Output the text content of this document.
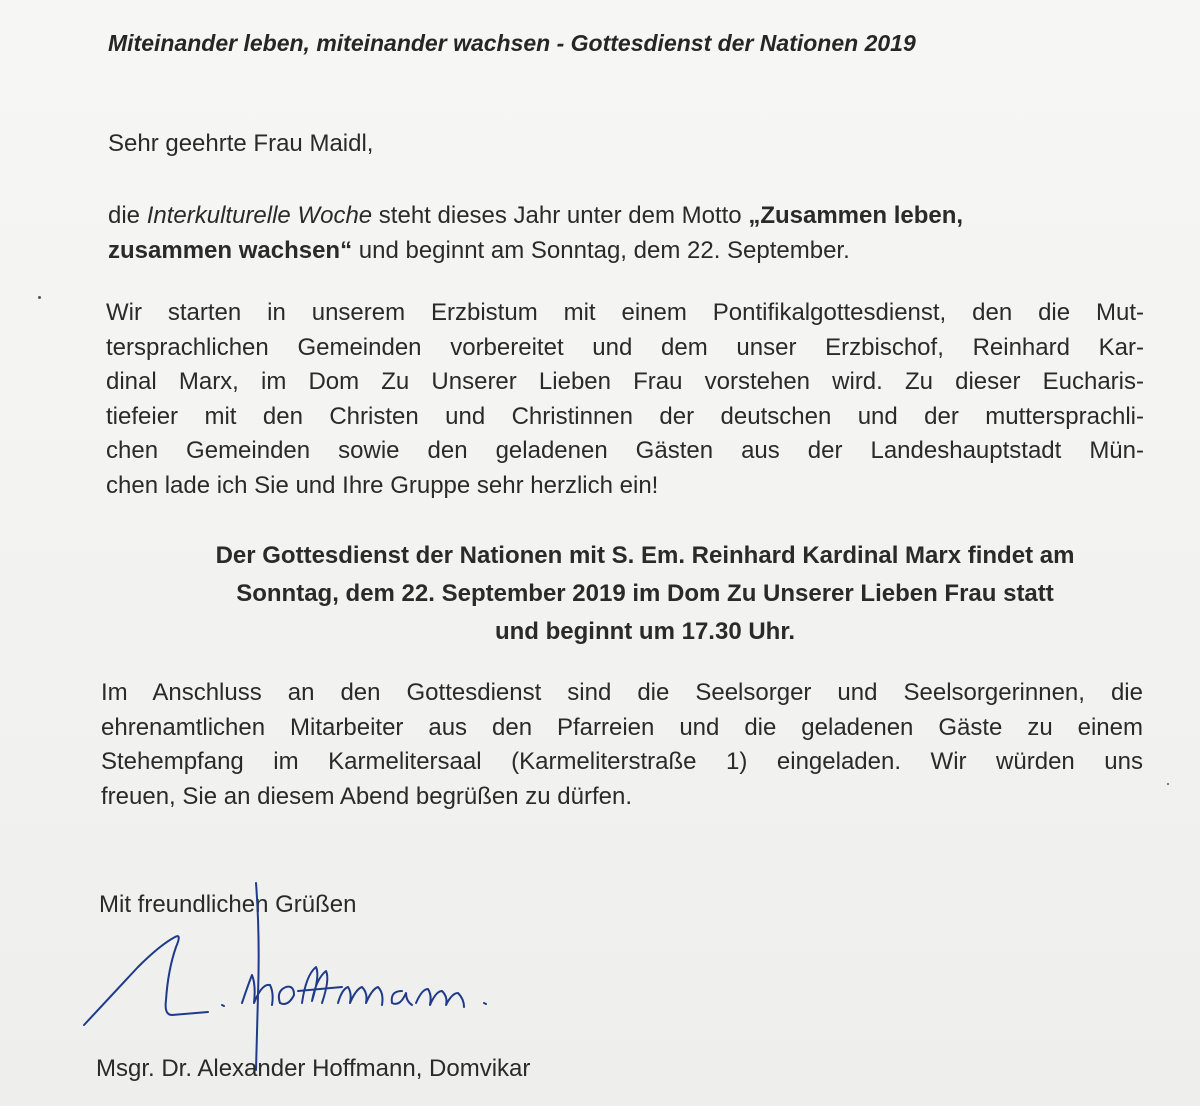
Miteinander leben, miteinander wachsen - Gottesdienst der Nationen 2019
Sehr geehrte Frau Maidl,
die Interkulturelle Woche steht dieses Jahr unter dem Motto „Zusammen leben,
zusammen wachsen“ und beginnt am Sonntag, dem 22. September.
Wir starten in unserem Erzbistum mit einem Pontifikalgottesdienst, den die Mut-
tersprachlichen Gemeinden vorbereitet und dem unser Erzbischof, Reinhard Kar-
dinal Marx, im Dom Zu Unserer Lieben Frau vorstehen wird. Zu dieser Eucharis-
tiefeier mit den Christen und Christinnen der deutschen und der muttersprachli-
chen Gemeinden sowie den geladenen Gästen aus der Landeshauptstadt Mün-
chen lade ich Sie und Ihre Gruppe sehr herzlich ein!
Der Gottesdienst der Nationen mit S. Em. Reinhard Kardinal Marx findet am
Sonntag, dem 22. September 2019 im Dom Zu Unserer Lieben Frau statt
und beginnt um 17.30 Uhr.
Im Anschluss an den Gottesdienst sind die Seelsorger und Seelsorgerinnen, die
ehrenamtlichen Mitarbeiter aus den Pfarreien und die geladenen Gäste zu einem
Stehempfang im Karmelitersaal (Karmeliterstraße 1) eingeladen. Wir würden uns
freuen, Sie an diesem Abend begrüßen zu dürfen.
Mit freundlichen Grüßen
Msgr. Dr. Alexander Hoffmann, Domvikar
